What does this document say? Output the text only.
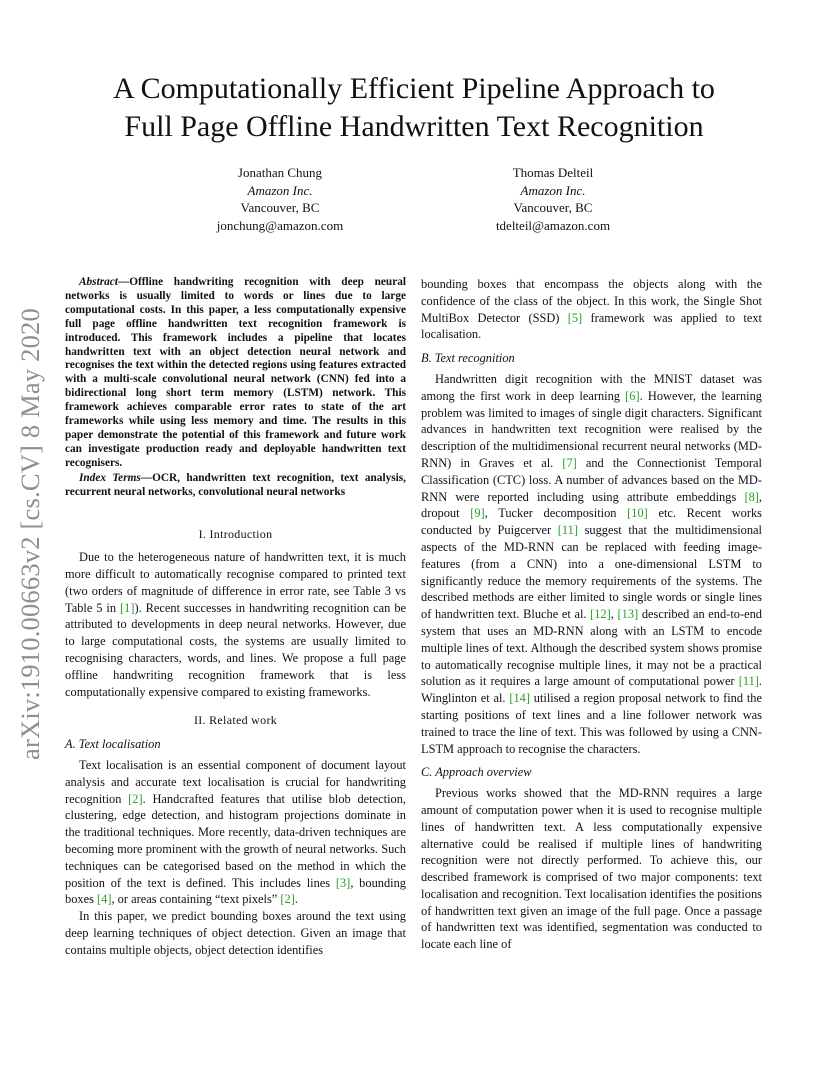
A Computationally Efficient Pipeline Approach to
Full Page Offline Handwritten Text Recognition
Jonathan Chung
Amazon Inc.
Vancouver, BC
jonchung@amazon.com
Thomas Delteil
Amazon Inc.
Vancouver, BC
tdelteil@amazon.com
arXiv:1910.00663v2 [cs.CV] 8 May 2020

Abstract—Offline handwriting recognition with deep neural networks is usually limited to words or lines due to large computational costs. In this paper, a less computationally expensive full page offline handwritten text recognition framework is introduced. This framework includes a pipeline that locates handwritten text with an object detection neural network and recognises the text within the detected regions using features extracted with a multi-scale convolutional neural network (CNN) fed into a bidirectional long short term memory (LSTM) network. This framework achieves comparable error rates to state of the art frameworks while using less memory and time. The results in this paper demonstrate the potential of this framework and future work can investigate production ready and deployable handwritten text recognisers.

Index Terms—OCR, handwritten text recognition, text analysis, recurrent neural networks, convolutional neural networks

I. Introduction

Due to the heterogeneous nature of handwritten text, it is much more difficult to automatically recognise compared to printed text (two orders of magnitude of difference in error rate, see Table 3 vs Table 5 in [1]). Recent successes in handwriting recognition can be attributed to developments in deep neural networks. However, due to large computational costs, the systems are usually limited to recognising characters, words, and lines. We propose a full page offline handwriting recognition framework that is less computationally expensive compared to existing frameworks.

II. Related work
A. Text localisation

Text localisation is an essential component of document layout analysis and accurate text localisation is crucial for handwriting recognition [2]. Handcrafted features that utilise blob detection, clustering, edge detection, and histogram projections dominate in the traditional techniques. More recently, data-driven techniques are becoming more prominent with the growth of neural networks. Such techniques can be categorised based on the method in which the position of the text is defined. This includes lines [3], bounding boxes [4], or areas containing “text pixels” [2].

In this paper, we predict bounding boxes around the text using deep learning techniques of object detection. Given an image that contains multiple objects, object detection identifies

bounding boxes that encompass the objects along with the confidence of the class of the object. In this work, the Single Shot MultiBox Detector (SSD) [5] framework was applied to text localisation.

B. Text recognition

Handwritten digit recognition with the MNIST dataset was among the first work in deep learning [6]. However, the learning problem was limited to images of single digit characters. Significant advances in handwritten text recognition were realised by the description of the multidimensional recurrent neural networks (MD-RNN) in Graves et al. [7] and the Connectionist Temporal Classification (CTC) loss. A number of advances based on the MD-RNN were reported including using attribute embeddings [8], dropout [9], Tucker decomposition [10] etc. Recent works conducted by Puigcerver [11] suggest that the multidimensional aspects of the MD-RNN can be replaced with feeding image-features (from a CNN) into a one-dimensional LSTM to significantly reduce the memory requirements of the systems. The described methods are either limited to single words or single lines of handwritten text. Bluche et al. [12], [13] described an end-to-end system that uses an MD-RNN along with an LSTM to encode multiple lines of text. Although the described system shows promise to automatically recognise multiple lines, it may not be a practical solution as it requires a large amount of computational power [11]. Winglinton et al. [14] utilised a region proposal network to find the starting positions of text lines and a line follower network was trained to trace the line of text. This was followed by using a CNN-LSTM approach to recognise the characters.

C. Approach overview

Previous works showed that the MD-RNN requires a large amount of computation power when it is used to recognise multiple lines of handwritten text. A less computationally expensive alternative could be realised if multiple lines of handwriting recognition were not directly performed. To achieve this, our described framework is comprised of two major components: text localisation and recognition. Text localisation identifies the positions of handwritten text given an image of the full page. Once a passage of handwritten text was identified, segmentation was conducted to locate each line of
